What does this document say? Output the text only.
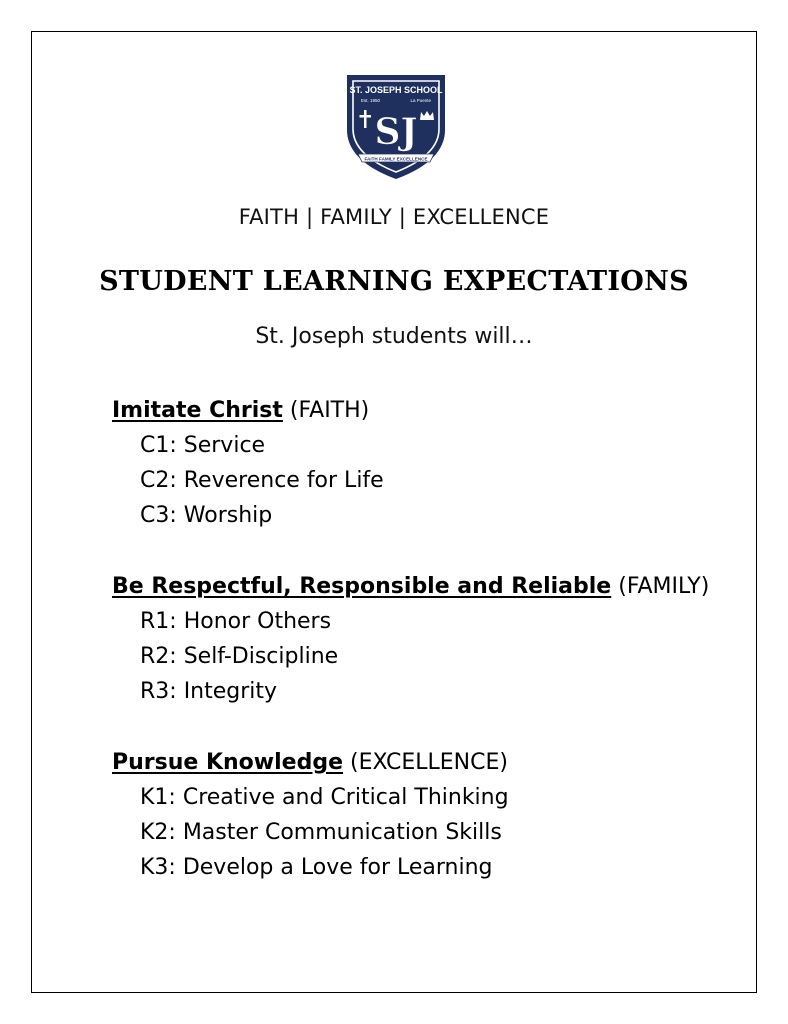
ST. JOSEPH SCHOOL
Est. 1950	La Puente
SJ
FAITH FAMILY EXCELLENCE
FAITH | FAMILY | EXCELLENCE
STUDENT LEARNING EXPECTATIONS
St. Joseph students will…
Imitate Christ (FAITH)
C1: Service
C2: Reverence for Life
C3: Worship
Be Respectful, Responsible and Reliable (FAMILY)
R1: Honor Others
R2: Self-Discipline
R3: Integrity
Pursue Knowledge (EXCELLENCE)
K1: Creative and Critical Thinking
K2: Master Communication Skills
K3: Develop a Love for Learning
